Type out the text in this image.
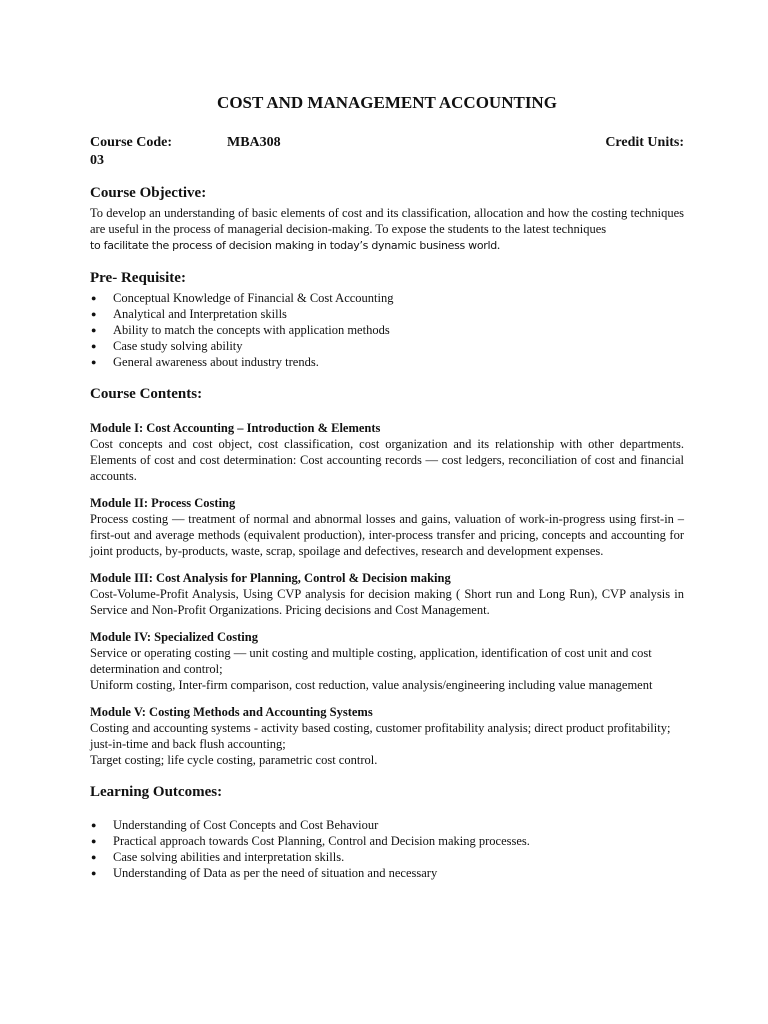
COST AND MANAGEMENT ACCOUNTING
Course Code:	MBA308	Credit Units:
03
Course Objective:

To develop an understanding of basic elements of cost and its classification, allocation and how the costing techniques are useful in the process of managerial decision-making. To expose the students to the latest techniques

to facilitate the process of decision making in today’s dynamic business world.

Pre- Requisite:
● Conceptual Knowledge of Financial & Cost Accounting
● Analytical and Interpretation skills
● Ability to match the concepts with application methods
● Case study solving ability
● General awareness about industry trends.
Course Contents:
Module I: Cost Accounting – Introduction & Elements

Cost concepts and cost object, cost classification, cost organization and its relationship with other departments. Elements of cost and cost determination: Cost accounting records — cost ledgers, reconciliation of cost and financial accounts.

Module II: Process Costing

Process costing — treatment of normal and abnormal losses and gains, valuation of work-in-progress using first-in – first-out and average methods (equivalent production), inter-process transfer and pricing, concepts and accounting for joint products, by-products, waste, scrap, spoilage and defectives, research and development expenses.

Module III: Cost Analysis for Planning, Control & Decision making

Cost-Volume-Profit Analysis, Using CVP analysis for decision making ( Short run and Long Run), CVP analysis in Service and Non-Profit Organizations. Pricing decisions and Cost Management.

Module IV: Specialized Costing

Service or operating costing — unit costing and multiple costing, application, identification of cost unit and cost determination and control;

Uniform costing, Inter-firm comparison, cost reduction, value analysis/engineering including value management

Module V: Costing Methods and Accounting Systems

Costing and accounting systems - activity based costing, customer profitability analysis; direct product profitability; just-in-time and back flush accounting;

Target costing; life cycle costing, parametric cost control.

Learning Outcomes:
● Understanding of Cost Concepts and Cost Behaviour
● Practical approach towards Cost Planning, Control and Decision making processes.
● Case solving abilities and interpretation skills.
● Understanding of Data as per the need of situation and necessary
